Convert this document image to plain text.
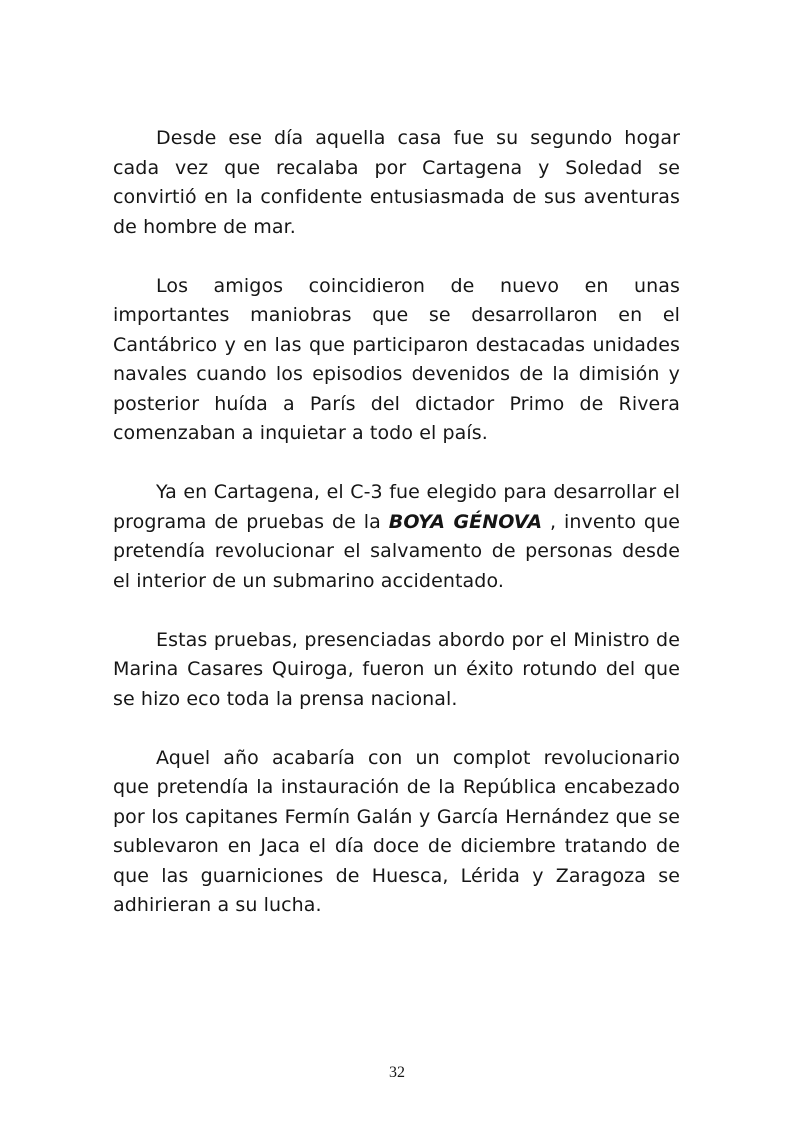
Desde ese día aquella casa fue su segundo hogar cada vez que recalaba por Cartagena y Soledad se convirtió en la confidente entusiasmada de sus aventuras de hombre de mar.

Los amigos coincidieron de nuevo en unas importantes maniobras que se desarrollaron en el Cantábrico y en las que participaron destacadas unidades navales cuando los episodios devenidos de la dimisión y posterior huída a París del dictador Primo de Rivera comenzaban a inquietar a todo el país.

Ya en Cartagena, el C-3 fue elegido para desarrollar el programa de pruebas de la BOYA GÉNOVA , invento que pretendía revolucionar el salvamento de personas desde el interior de un submarino accidentado.

Estas pruebas, presenciadas abordo por el Ministro de Marina Casares Quiroga, fueron un éxito rotundo del que se hizo eco toda la prensa nacional.

Aquel año acabaría con un complot revolucionario que pretendía la instauración de la República encabezado por los capitanes Fermín Galán y García Hernández que se sublevaron en Jaca el día doce de diciembre tratando de que las guarniciones de Huesca, Lérida y Zaragoza se adhirieran a su lucha.

32
